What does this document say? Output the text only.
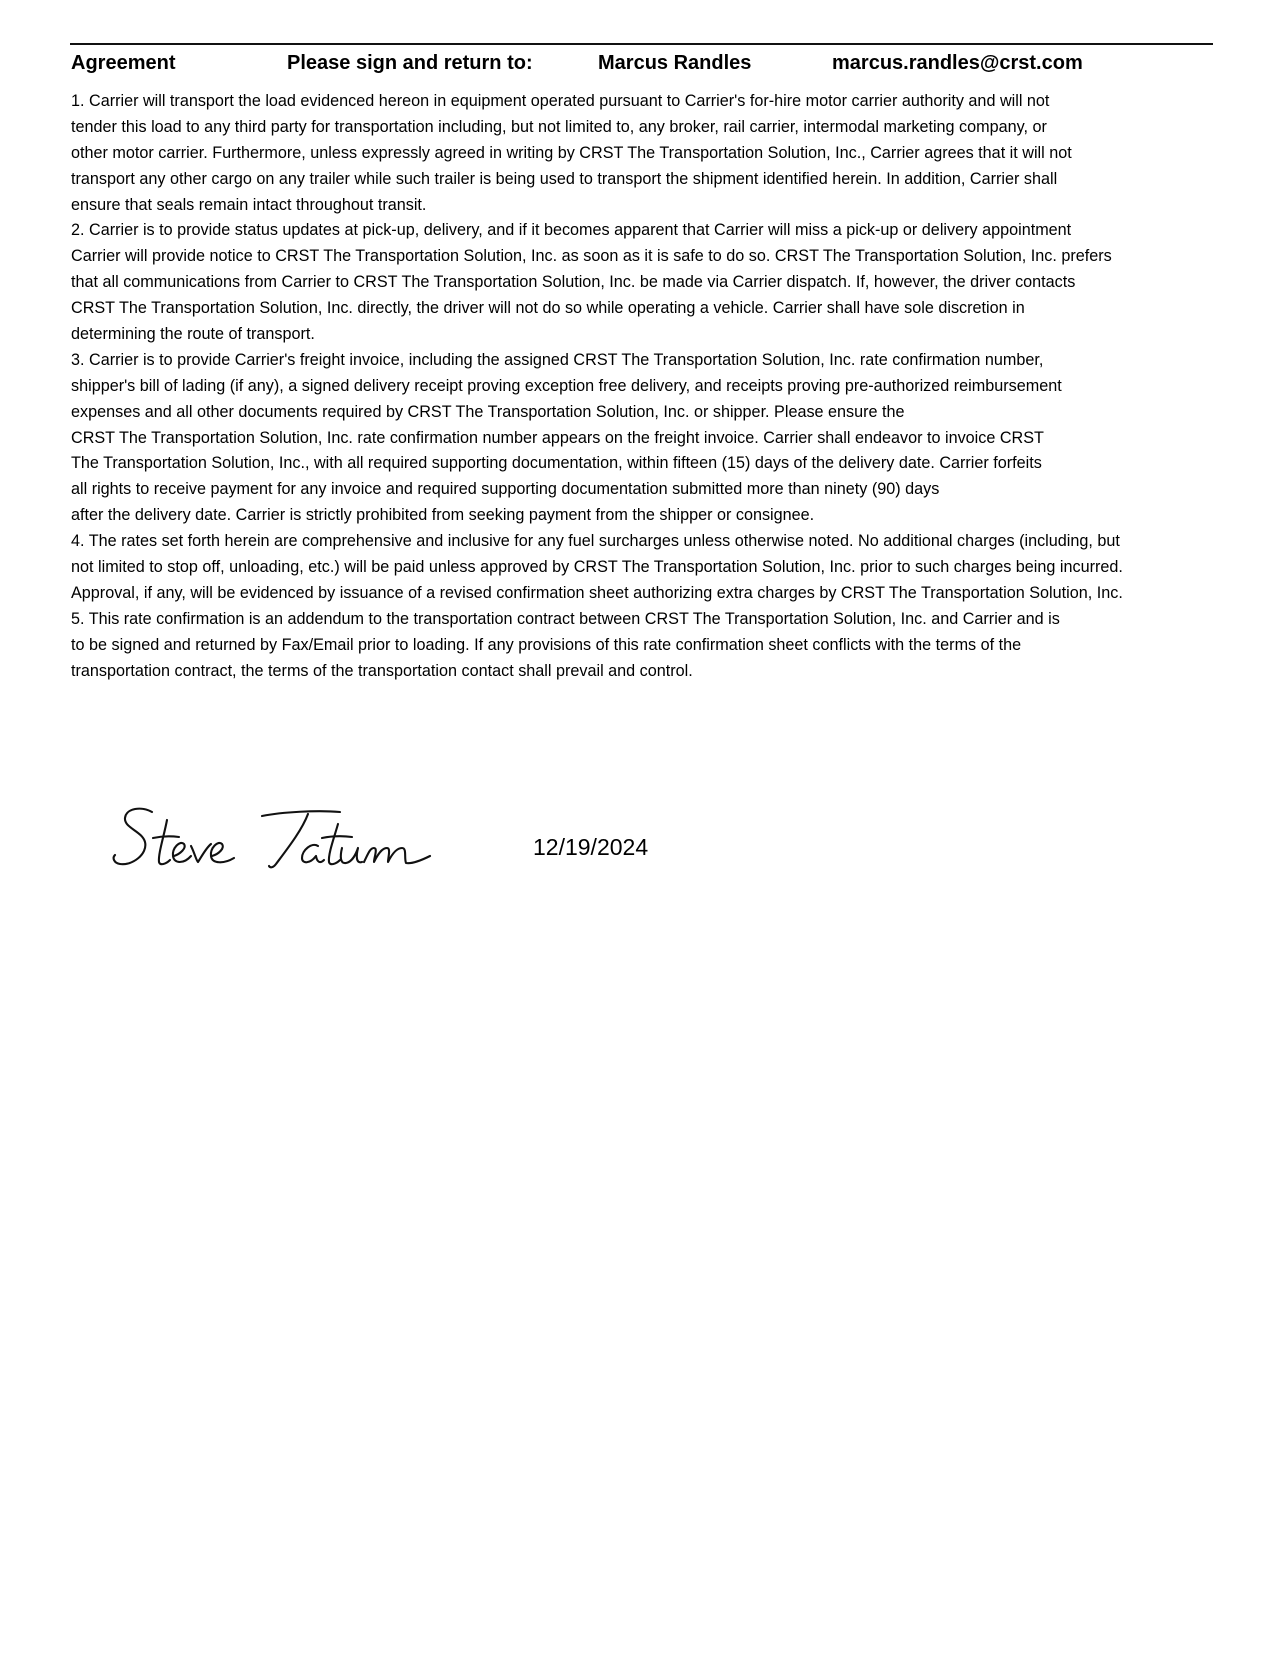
Agreement	Please sign and return to:	Marcus Randles	marcus.randles@crst.com
1. Carrier will transport the load evidenced hereon in equipment operated pursuant to Carrier's for-hire motor carrier authority and will not
tender this load to any third party for transportation including, but not limited to, any broker, rail carrier, intermodal marketing company, or
other motor carrier. Furthermore, unless expressly agreed in writing by CRST The Transportation Solution, Inc., Carrier agrees that it will not
transport any other cargo on any trailer while such trailer is being used to transport the shipment identified herein. In addition, Carrier shall
ensure that seals remain intact throughout transit.
2. Carrier is to provide status updates at pick-up, delivery, and if it becomes apparent that Carrier will miss a pick-up or delivery appointment
Carrier will provide notice to CRST The Transportation Solution, Inc. as soon as it is safe to do so. CRST The Transportation Solution, Inc. prefers
that all communications from Carrier to CRST The Transportation Solution, Inc. be made via Carrier dispatch. If, however, the driver contacts
CRST The Transportation Solution, Inc. directly, the driver will not do so while operating a vehicle. Carrier shall have sole discretion in
determining the route of transport.
3. Carrier is to provide Carrier's freight invoice, including the assigned CRST The Transportation Solution, Inc. rate confirmation number,
shipper's bill of lading (if any), a signed delivery receipt proving exception free delivery, and receipts proving pre-authorized reimbursement
expenses and all other documents required by CRST The Transportation Solution, Inc. or shipper. Please ensure the
CRST The Transportation Solution, Inc. rate confirmation number appears on the freight invoice. Carrier shall endeavor to invoice CRST
The Transportation Solution, Inc., with all required supporting documentation, within fifteen (15) days of the delivery date. Carrier forfeits
all rights to receive payment for any invoice and required supporting documentation submitted more than ninety (90) days
after the delivery date. Carrier is strictly prohibited from seeking payment from the shipper or consignee.
4. The rates set forth herein are comprehensive and inclusive for any fuel surcharges unless otherwise noted. No additional charges (including, but
not limited to stop off, unloading, etc.) will be paid unless approved by CRST The Transportation Solution, Inc. prior to such charges being incurred.
Approval, if any, will be evidenced by issuance of a revised confirmation sheet authorizing extra charges by CRST The Transportation Solution, Inc.
5. This rate confirmation is an addendum to the transportation contract between CRST The Transportation Solution, Inc. and Carrier and is
to be signed and returned by Fax/Email prior to loading. If any provisions of this rate confirmation sheet conflicts with the terms of the
transportation contract, the terms of the transportation contact shall prevail and control.
12/19/2024
